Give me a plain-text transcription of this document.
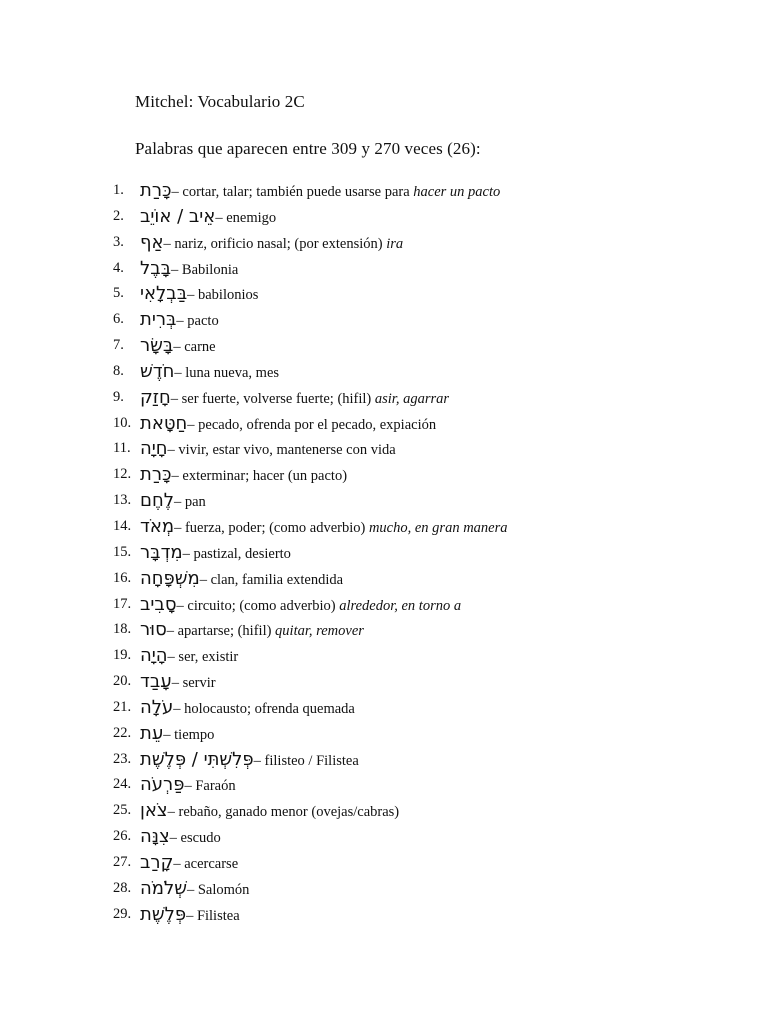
Mitchel: Vocabulario 2C
Palabras que aparecen entre 309 y 270 veces (26):
1. כָּרַת– cortar, talar; también puede usarse para hacer un pacto
2. אֵיב / אוֹיֵב– enemigo
3. אַף– nariz, orificio nasal; (por extensión) ira
4. בָּבֶל– Babilonia
5. בַּבְלָאִי– babilonios
6. בְּרִית– pacto
7. בָּשָׂר– carne
8. חֹדֶשׁ– luna nueva, mes
9. חָזַק– ser fuerte, volverse fuerte; (hifil) asir, agarrar
10. חַטָּאת– pecado, ofrenda por el pecado, expiación
11. חָיָה– vivir, estar vivo, mantenerse con vida
12. כָּרַת– exterminar; hacer (un pacto)
13. לֶחֶם– pan
14. מְאֹד– fuerza, poder; (como adverbio) mucho, en gran manera
15. מִדְבָּר– pastizal, desierto
16. מִשְׁפָּחָה– clan, familia extendida
17. סָבִיב– circuito; (como adverbio) alrededor, en torno a
18. סוּר– apartarse; (hifil) quitar, remover
19. הָיָה– ser, existir
20. עָבַד– servir
21. עֹלָה– holocausto; ofrenda quemada
22. עֵת– tiempo
23. פְּלִשְׁתִּי / פְּלֶשֶׁת– filisteo / Filistea
24. פַּרְעֹה– Faraón
25. צֹאן– rebaño, ganado menor (ovejas/cabras)
26. צִנָּה– escudo
27. קָרַב– acercarse
28. שְׁלֹמֹה– Salomón
29. פְּלֶשֶׁת– Filistea
